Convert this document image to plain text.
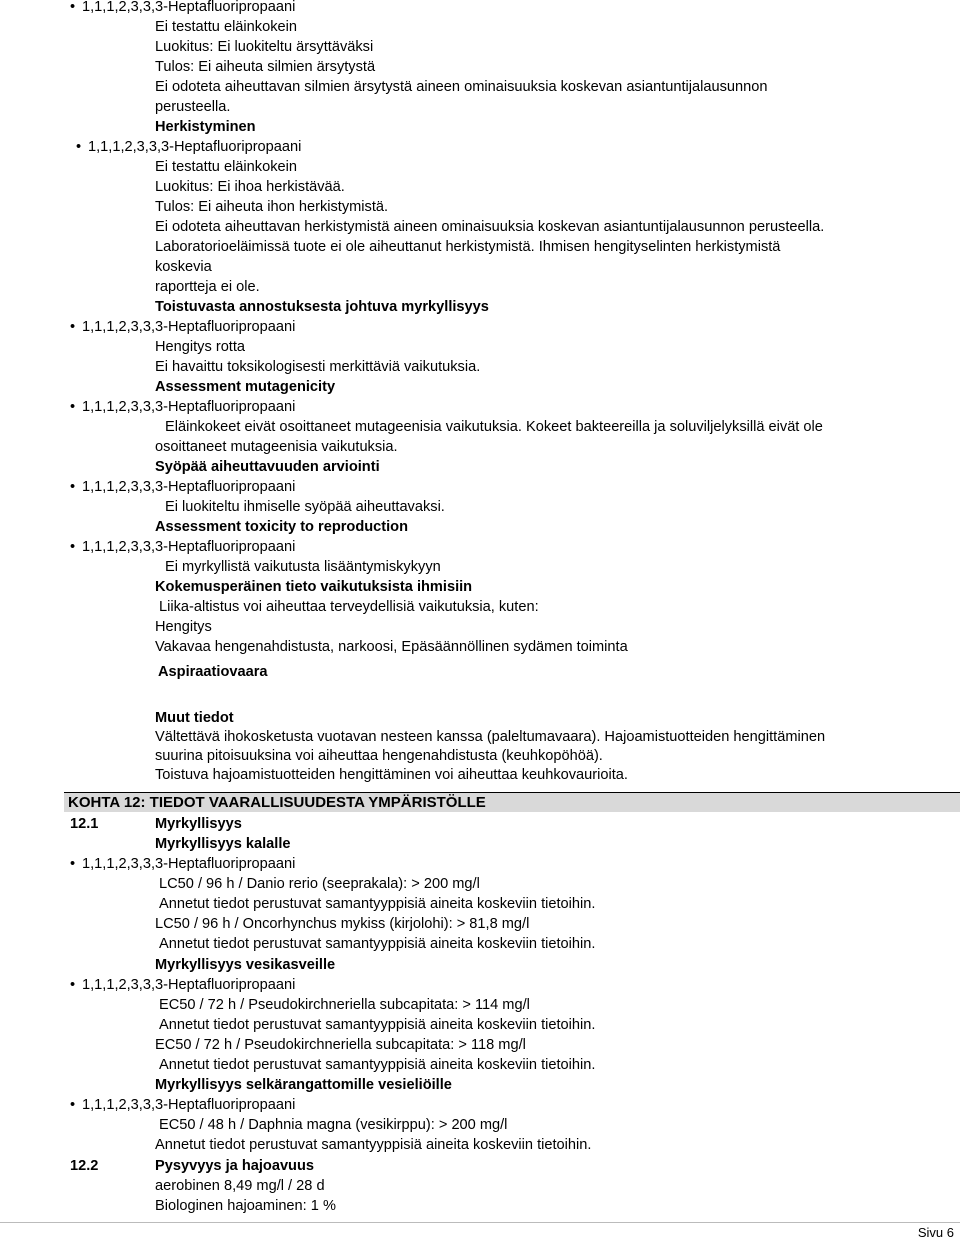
• 1,1,1,2,3,3,3-Heptafluoripropaani
Ei testattu eläinkokein
Luokitus: Ei luokiteltu ärsyttäväksi
Tulos: Ei aiheuta silmien ärsytystä
Ei odoteta aiheuttavan silmien ärsytystä aineen ominaisuuksia koskevan asiantuntijalausunnon
perusteella.
Herkistyminen
• 1,1,1,2,3,3,3-Heptafluoripropaani
Ei testattu eläinkokein
Luokitus: Ei ihoa herkistävää.
Tulos: Ei aiheuta ihon herkistymistä.
Ei odoteta aiheuttavan herkistymistä aineen ominaisuuksia koskevan asiantuntijalausunnon perusteella.
Laboratorioeläimissä tuote ei ole aiheuttanut herkistymistä. Ihmisen hengityselinten herkistymistä
koskevia
raportteja ei ole.
Toistuvasta annostuksesta johtuva myrkyllisyys
• 1,1,1,2,3,3,3-Heptafluoripropaani
Hengitys rotta
Ei havaittu toksikologisesti merkittäviä vaikutuksia.
Assessment mutagenicity
• 1,1,1,2,3,3,3-Heptafluoripropaani
Eläinkokeet eivät osoittaneet mutageenisia vaikutuksia. Kokeet bakteereilla ja soluviljelyksillä eivät ole
osoittaneet mutageenisia vaikutuksia.
Syöpää aiheuttavuuden arviointi
• 1,1,1,2,3,3,3-Heptafluoripropaani
Ei luokiteltu ihmiselle syöpää aiheuttavaksi.
Assessment toxicity to reproduction
• 1,1,1,2,3,3,3-Heptafluoripropaani
Ei myrkyllistä vaikutusta lisääntymiskykyyn
Kokemusperäinen tieto vaikutuksista ihmisiin
Liika-altistus voi aiheuttaa terveydellisiä vaikutuksia, kuten:
Hengitys
Vakavaa hengenahdistusta, narkoosi, Epäsäännöllinen sydämen toiminta
Aspiraatiovaara
Muut tiedot
Vältettävä ihokosketusta vuotavan nesteen kanssa (paleltumavaara). Hajoamistuotteiden hengittäminen
suurina pitoisuuksina voi aiheuttaa hengenahdistusta (keuhkopöhöä).
Toistuva hajoamistuotteiden hengittäminen voi aiheuttaa keuhkovaurioita.
KOHTA 12: TIEDOT VAARALLISUUDESTA YMPÄRISTÖLLE
12.1	Myrkyllisyys
Myrkyllisyys kalalle
• 1,1,1,2,3,3,3-Heptafluoripropaani
LC50 / 96 h / Danio rerio (seeprakala): > 200 mg/l
Annetut tiedot perustuvat samantyyppisiä aineita koskeviin tietoihin.
LC50 / 96 h / Oncorhynchus mykiss (kirjolohi): > 81,8 mg/l
Annetut tiedot perustuvat samantyyppisiä aineita koskeviin tietoihin.
Myrkyllisyys vesikasveille
• 1,1,1,2,3,3,3-Heptafluoripropaani
EC50 / 72 h / Pseudokirchneriella subcapitata: > 114 mg/l
Annetut tiedot perustuvat samantyyppisiä aineita koskeviin tietoihin.
EC50 / 72 h / Pseudokirchneriella subcapitata: > 118 mg/l
Annetut tiedot perustuvat samantyyppisiä aineita koskeviin tietoihin.
Myrkyllisyys selkärangattomille vesieliöille
• 1,1,1,2,3,3,3-Heptafluoripropaani
EC50 / 48 h / Daphnia magna (vesikirppu): > 200 mg/l
Annetut tiedot perustuvat samantyyppisiä aineita koskeviin tietoihin.
12.2	Pysyvyys ja hajoavuus
aerobinen 8,49 mg/l / 28 d
Biologinen hajoaminen: 1 %
Sivu 6
